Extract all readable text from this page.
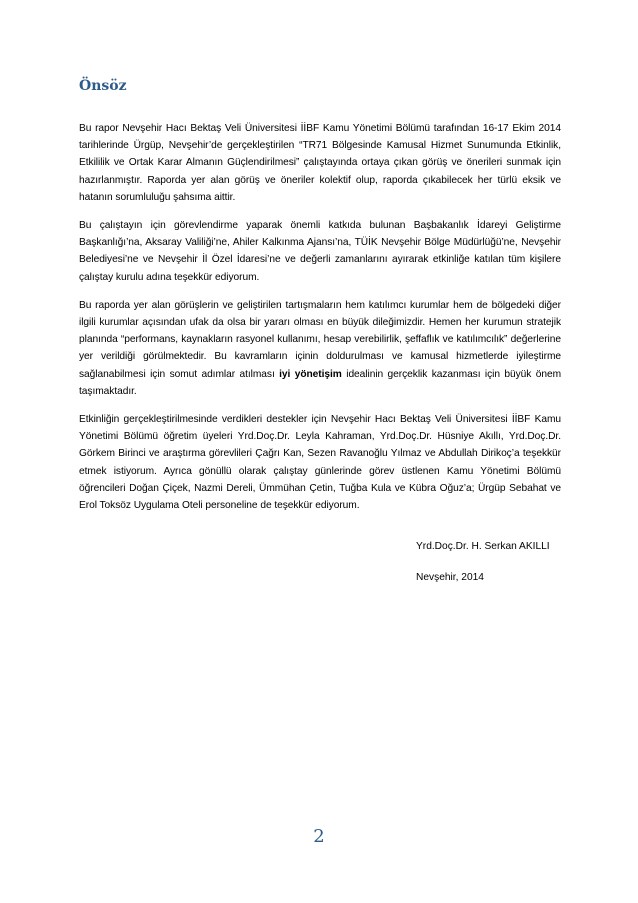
Önsöz

Bu rapor Nevşehir Hacı Bektaş Veli Üniversitesi İİBF Kamu Yönetimi Bölümü tarafından 16-17 Ekim 2014 tarihlerinde Ürgüp, Nevşehir’de gerçekleştirilen “TR71 Bölgesinde Kamusal Hizmet Sunumunda Etkinlik, Etkililik ve Ortak Karar Almanın Güçlendirilmesi” çalıştayında ortaya çıkan görüş ve önerileri sunmak için hazırlanmıştır. Raporda yer alan görüş ve öneriler kolektif olup, raporda çıkabilecek her türlü eksik ve hatanın sorumluluğu şahsıma aittir.

Bu çalıştayın için görevlendirme yaparak önemli katkıda bulunan Başbakanlık İdareyi Geliştirme Başkanlığı’na, Aksaray Valiliği’ne, Ahiler Kalkınma Ajansı’na, TÜİK Nevşehir Bölge Müdürlüğü’ne, Nevşehir Belediyesi’ne ve Nevşehir İl Özel İdaresi’ne ve değerli zamanlarını ayırarak etkinliğe katılan tüm kişilere çalıştay kurulu adına teşekkür ediyorum.

Bu raporda yer alan görüşlerin ve geliştirilen tartışmaların hem katılımcı kurumlar hem de bölgedeki diğer ilgili kurumlar açısından ufak da olsa bir yararı olması en büyük dileğimizdir. Hemen her kurumun stratejik planında “performans, kaynakların rasyonel kullanımı, hesap verebilirlik, şeffaflık ve katılımcılık” değerlerine yer verildiği görülmektedir. Bu kavramların içinin doldurulması ve kamusal hizmetlerde iyileştirme sağlanabilmesi için somut adımlar atılması iyi yönetişim idealinin gerçeklik kazanması için büyük önem taşımaktadır.

Etkinliğin gerçekleştirilmesinde verdikleri destekler için Nevşehir Hacı Bektaş Veli Üniversitesi İİBF Kamu Yönetimi Bölümü öğretim üyeleri Yrd.Doç.Dr. Leyla Kahraman, Yrd.Doç.Dr. Hüsniye Akıllı, Yrd.Doç.Dr. Görkem Birinci ve araştırma görevlileri Çağrı Kan, Sezen Ravanoğlu Yılmaz ve Abdullah Dirikoç’a teşekkür etmek istiyorum. Ayrıca gönüllü olarak çalıştay günlerinde görev üstlenen Kamu Yönetimi Bölümü öğrencileri Doğan Çiçek, Nazmi Dereli, Ümmühan Çetin, Tuğba Kula ve Kübra Oğuz’a; Ürgüp Sebahat ve Erol Toksöz Uygulama Oteli personeline de teşekkür ediyorum.

Yrd.Doç.Dr. H. Serkan AKILLI
Nevşehir, 2014
2
